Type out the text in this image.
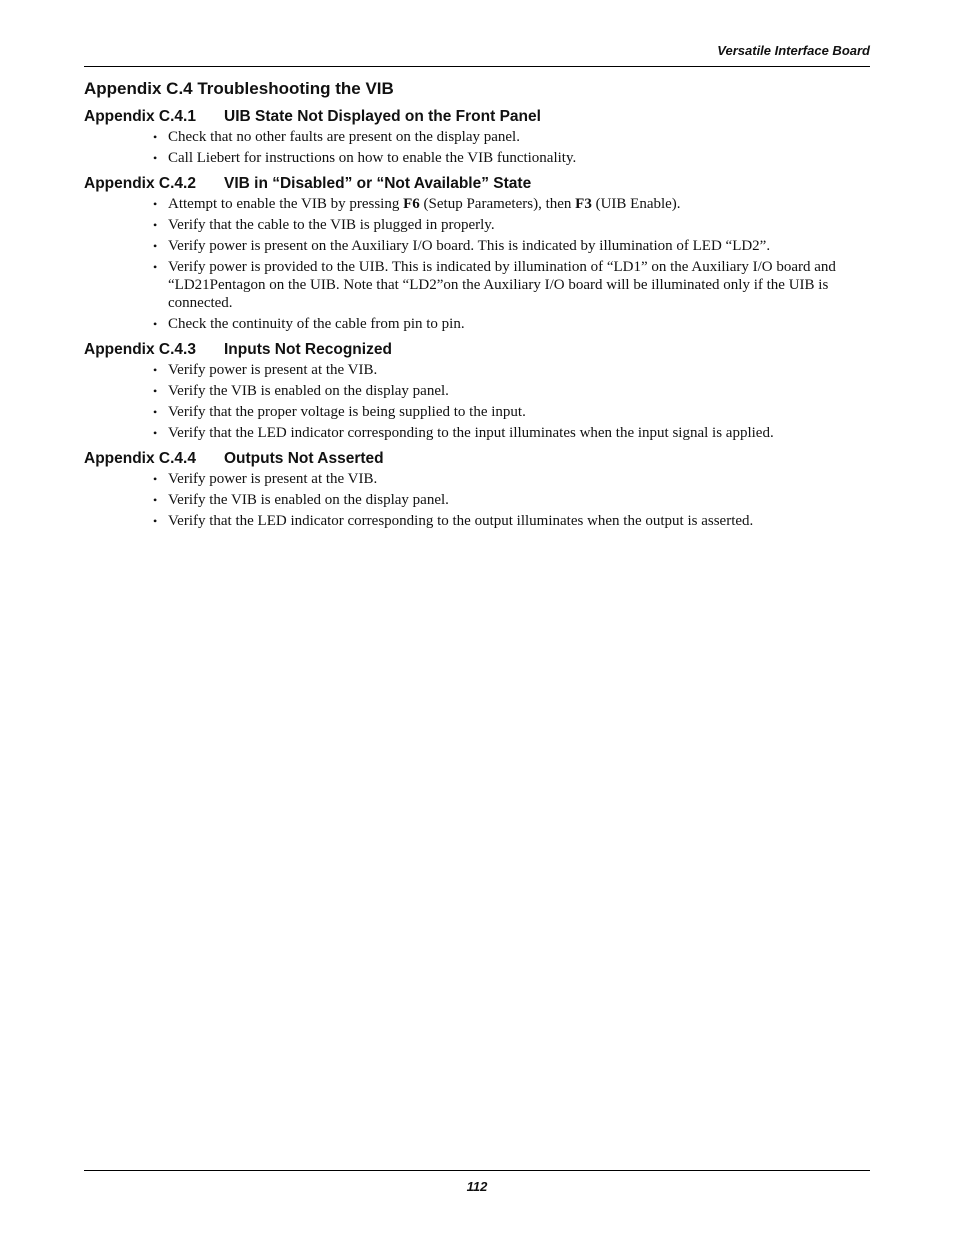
Versatile Interface Board
Appendix C.4 Troubleshooting the VIB
Appendix C.4.1 UIB State Not Displayed on the Front Panel
• Check that no other faults are present on the display panel.
• Call Liebert for instructions on how to enable the VIB functionality.
Appendix C.4.2 VIB in “Disabled” or “Not Available” State
• Attempt to enable the VIB by pressing F6 (Setup Parameters), then F3 (UIB Enable).
• Verify that the cable to the VIB is plugged in properly.
• Verify power is present on the Auxiliary I/O board. This is indicated by illumination of LED “LD2”.
• Verify power is provided to the UIB. This is indicated by illumination of “LD1” on the Auxiliary I/O board and “LD21Pentagon on the UIB. Note that “LD2”on the Auxiliary I/O board will be illuminated only if the UIB is connected.
• Check the continuity of the cable from pin to pin.
Appendix C.4.3 Inputs Not Recognized
• Verify power is present at the VIB.
• Verify the VIB is enabled on the display panel.
• Verify that the proper voltage is being supplied to the input.
• Verify that the LED indicator corresponding to the input illuminates when the input signal is applied.
Appendix C.4.4 Outputs Not Asserted
• Verify power is present at the VIB.
• Verify the VIB is enabled on the display panel.
• Verify that the LED indicator corresponding to the output illuminates when the output is asserted.
112
